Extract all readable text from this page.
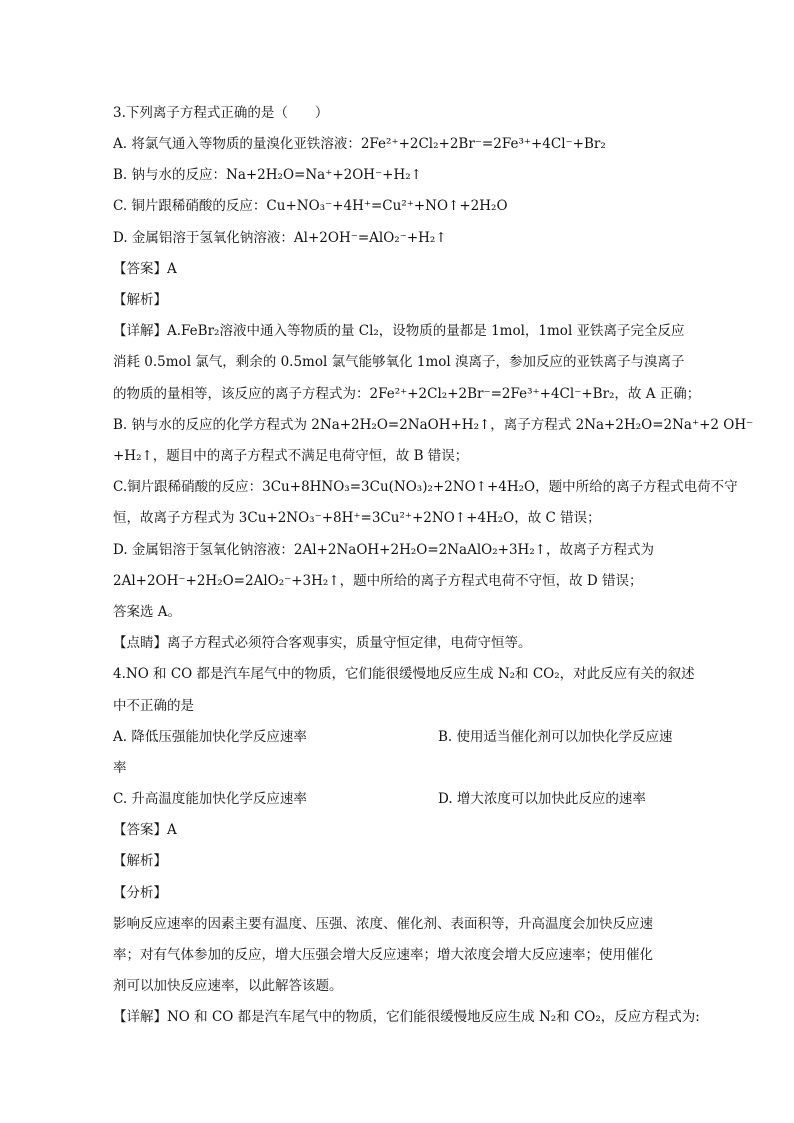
3.下列离子方程式正确的是（　　）
A. 将氯气通入等物质的量溴化亚铁溶液：2Fe²⁺+2Cl₂+2Br⁻=2Fe³⁺+4Cl⁻+Br₂
B. 钠与水的反应：Na+2H₂O=Na⁺+2OH⁻+H₂↑
C. 铜片跟稀硝酸的反应：Cu+NO₃⁻+4H⁺=Cu²⁺+NO↑+2H₂O
D. 金属铝溶于氢氧化钠溶液：Al+2OH⁻=AlO₂⁻+H₂↑
【答案】A
【解析】
【详解】A.FeBr₂溶液中通入等物质的量 Cl₂，设物质的量都是 1mol，1mol 亚铁离子完全反应
消耗 0.5mol 氯气，剩余的 0.5mol 氯气能够氧化 1mol 溴离子，参加反应的亚铁离子与溴离子
的物质的量相等，该反应的离子方程式为：2Fe²⁺+2Cl₂+2Br⁻=2Fe³⁺+4Cl⁻+Br₂，故 A 正确；
B. 钠与水的反应的化学方程式为 2Na+2H₂O=2NaOH+H₂↑，离子方程式 2Na+2H₂O=2Na⁺+2 OH⁻
+H₂↑，题目中的离子方程式不满足电荷守恒，故 B 错误；
C.铜片跟稀硝酸的反应：3Cu+8HNO₃=3Cu(NO₃)₂+2NO↑+4H₂O，题中所给的离子方程式电荷不守
恒，故离子方程式为 3Cu+2NO₃⁻+8H⁺=3Cu²⁺+2NO↑+4H₂O，故 C 错误；
D. 金属铝溶于氢氧化钠溶液：2Al+2NaOH+2H₂O=2NaAlO₂+3H₂↑，故离子方程式为
2Al+2OH⁻+2H₂O=2AlO₂⁻+3H₂↑，题中所给的离子方程式电荷不守恒，故 D 错误；
答案选 A。
【点睛】离子方程式必须符合客观事实，质量守恒定律，电荷守恒等。
4.NO 和 CO 都是汽车尾气中的物质，它们能很缓慢地反应生成 N₂和 CO₂，对此反应有关的叙述
中不正确的是
A. 降低压强能加快化学反应速率	B. 使用适当催化剂可以加快化学反应速
率
C. 升高温度能加快化学反应速率	D. 增大浓度可以加快此反应的速率
【答案】A
【解析】
【分析】
影响反应速率的因素主要有温度、压强、浓度、催化剂、表面积等，升高温度会加快反应速
率；对有气体参加的反应，增大压强会增大反应速率；增大浓度会增大反应速率；使用催化
剂可以加快反应速率，以此解答该题。
【详解】NO 和 CO 都是汽车尾气中的物质，它们能很缓慢地反应生成 N₂和 CO₂，反应方程式为:
